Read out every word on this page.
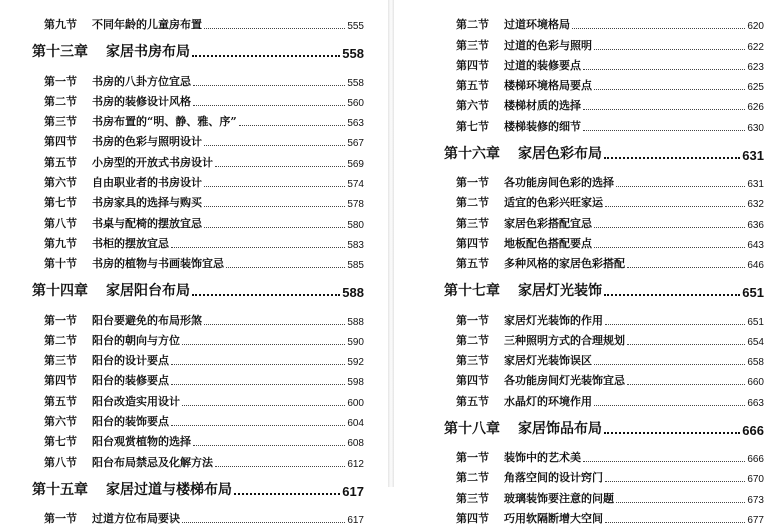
第九节	不同年龄的儿童房布置	555
第十三章	家居书房布局	558
第一节	书房的八卦方位宜忌	558
第二节	书房的装修设计风格	560
第三节	书房布置的“明、静、雅、序”	563
第四节	书房的色彩与照明设计	567
第五节	小房型的开放式书房设计	569
第六节	自由职业者的书房设计	574
第七节	书房家具的选择与购买	578
第八节	书桌与配椅的摆放宜忌	580
第九节	书柜的摆放宜忌	583
第十节	书房的植物与书画装饰宜忌	585
第十四章	家居阳台布局	588
第一节	阳台要避免的布局形煞	588
第二节	阳台的朝向与方位	590
第三节	阳台的设计要点	592
第四节	阳台的装修要点	598
第五节	阳台改造实用设计	600
第六节	阳台的装饰要点	604
第七节	阳台观赏植物的选择	608
第八节	阳台布局禁忌及化解方法	612
第十五章	家居过道与楼梯布局	617
第一节	过道方位布局要诀	617
第二节	过道环境格局	620
第三节	过道的色彩与照明	622
第四节	过道的装修要点	623
第五节	楼梯环境格局要点	625
第六节	楼梯材质的选择	626
第七节	楼梯装修的细节	630
第十六章	家居色彩布局	631
第一节	各功能房间色彩的选择	631
第二节	适宜的色彩兴旺家运	632
第三节	家居色彩搭配宜忌	636
第四节	地板配色搭配要点	643
第五节	多种风格的家居色彩搭配	646
第十七章	家居灯光装饰	651
第一节	家居灯光装饰的作用	651
第二节	三种照明方式的合理规划	654
第三节	家居灯光装饰误区	658
第四节	各功能房间灯光装饰宜忌	660
第五节	水晶灯的环境作用	663
第十八章	家居饰品布局	666
第一节	装饰中的艺术美	666
第二节	角落空间的设计窍门	670
第三节	玻璃装饰要注意的问题	673
第四节	巧用软隔断增大空间	677
